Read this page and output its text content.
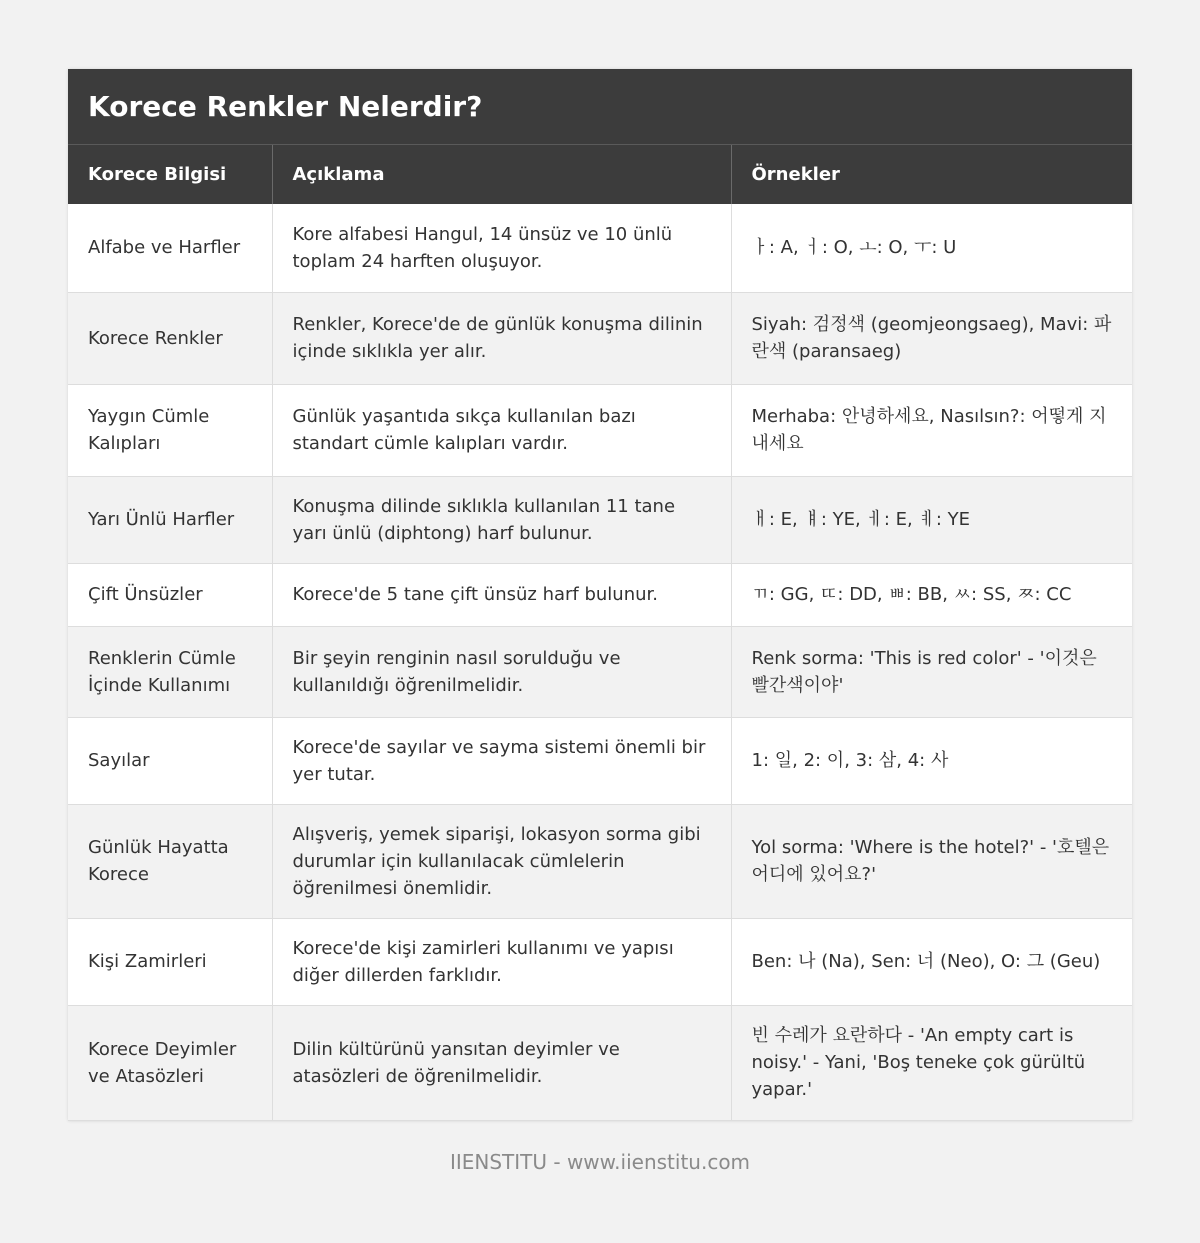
Korece Renkler Nelerdir?
Korece Bilgisi	Açıklama	Örnekler
Alfabe ve Harfler	Kore alfabesi Hangul, 14 ünsüz ve 10 ünlü toplam 24 harften oluşuyor.	ㅏ: A, ㅓ: O, ㅗ: O, ㅜ: U
Korece Renkler	Renkler, Korece'de de günlük konuşma dilinin içinde sıklıkla yer alır.	Siyah: 검정색 (geomjeongsaeg), Mavi: 파란색 (paransaeg)
Yaygın Cümle Kalıpları	Günlük yaşantıda sıkça kullanılan bazı standart cümle kalıpları vardır.	Merhaba: 안녕하세요, Nasılsın?: 어떻게 지내세요
Yarı Ünlü Harfler	Konuşma dilinde sıklıkla kullanılan 11 tane yarı ünlü (diphtong) harf bulunur.	ㅐ: E, ㅒ: YE, ㅔ: E, ㅖ: YE
Çift Ünsüzler	Korece'de 5 tane çift ünsüz harf bulunur.	ㄲ: GG, ㄸ: DD, ㅃ: BB, ㅆ: SS, ㅉ: CC
Renklerin Cümle İçinde Kullanımı	Bir şeyin renginin nasıl sorulduğu ve kullanıldığı öğrenilmelidir.	Renk sorma: 'This is red color' - '이것은 빨간색이야'
Sayılar	Korece'de sayılar ve sayma sistemi önemli bir yer tutar.	1: 일, 2: 이, 3: 삼, 4: 사
Günlük Hayatta Korece	Alışveriş, yemek siparişi, lokasyon sorma gibi durumlar için kullanılacak cümlelerin öğrenilmesi önemlidir.	Yol sorma: 'Where is the hotel?' - '호텔은 어디에 있어요?'
Kişi Zamirleri	Korece'de kişi zamirleri kullanımı ve yapısı diğer dillerden farklıdır.	Ben: 나 (Na), Sen: 너 (Neo), O: 그 (Geu)
Korece Deyimler ve Atasözleri	Dilin kültürünü yansıtan deyimler ve atasözleri de öğrenilmelidir.	빈 수레가 요란하다 - 'An empty cart is noisy.' - Yani, 'Boş teneke çok gürültü yapar.'
IIENSTITU - www.iienstitu.com
